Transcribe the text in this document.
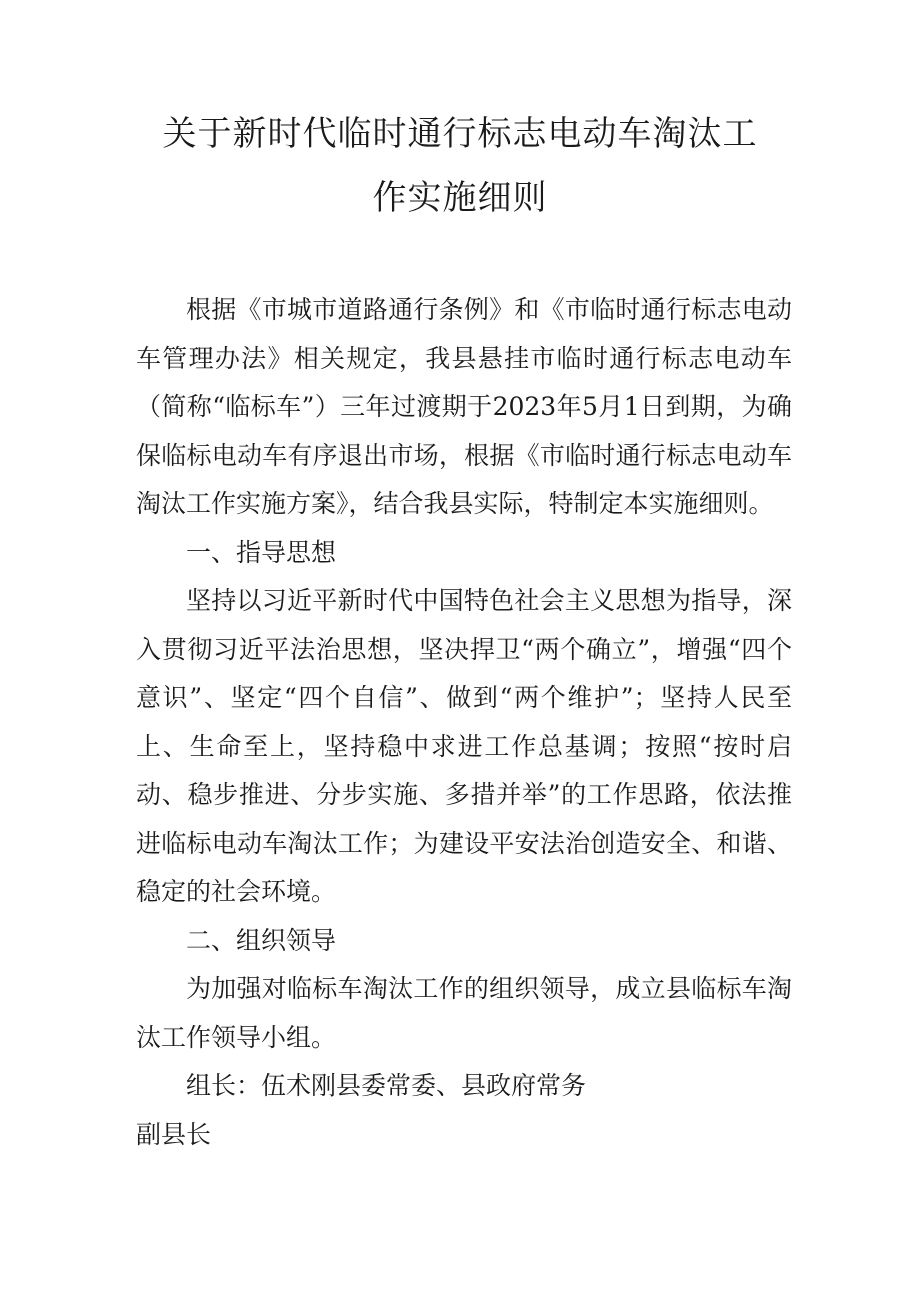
关于新时代临时通行标志电动车淘汰工
作实施细则

根据《市城市道路通行条例》和《市临时通行标志电动车管理办法》相关规定，我县悬挂市临时通行标志电动车（简称“临标车”）三年过渡期于2023年5月1日到期，为确保临标电动车有序退出市场，根据《市临时通行标志电动车淘汰工作实施方案》，结合我县实际，特制定本实施细则。

一、指导思想

坚持以习近平新时代中国特色社会主义思想为指导，深入贯彻习近平法治思想，坚决捍卫“两个确立”，增强“四个意识”、坚定“四个自信”、做到“两个维护”；坚持人民至上、生命至上，坚持稳中求进工作总基调；按照“按时启动、稳步推进、分步实施、多措并举”的工作思路，依法推进临标电动车淘汰工作；为建设平安法治创造安全、和谐、稳定的社会环境。

二、组织领导

为加强对临标车淘汰工作的组织领导，成立县临标车淘汰工作领导小组。

组长：伍术刚县委常委、县政府常务

副县长
